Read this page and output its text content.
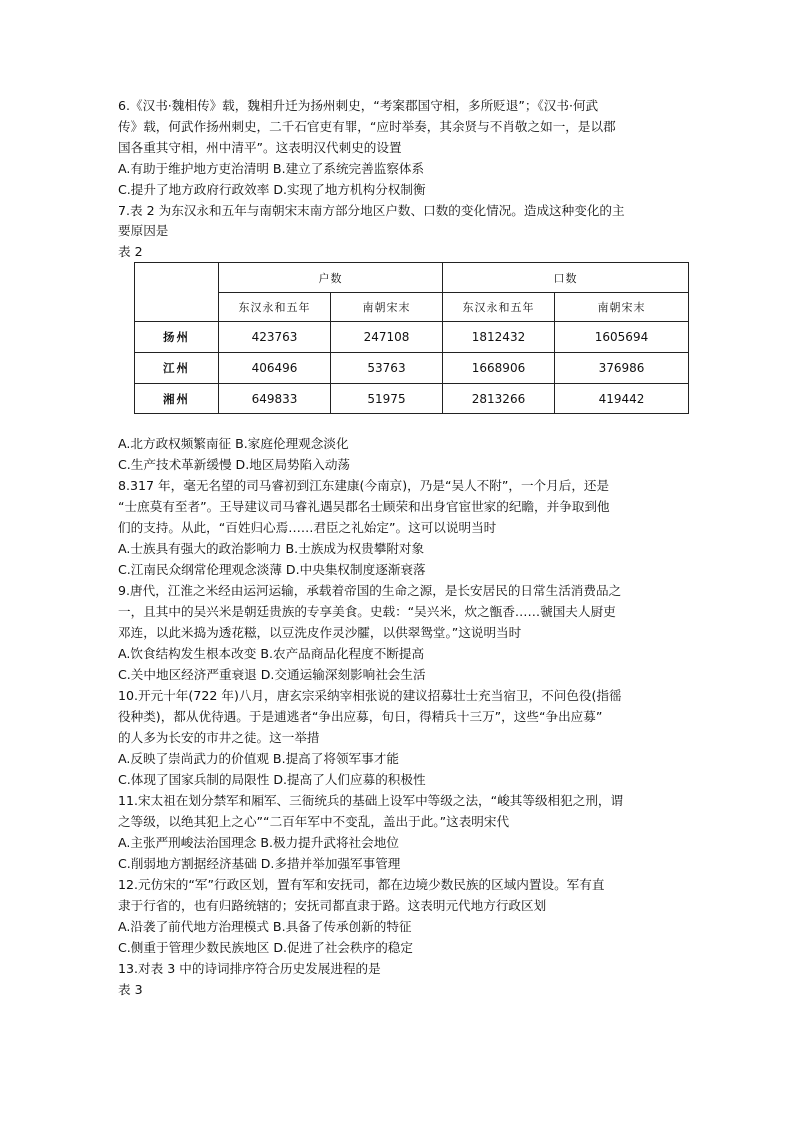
6.《汉书·魏相传》载，魏相升迁为扬州刺史，“考案郡国守相，多所贬退”；《汉书·何武
传》载，何武作扬州刺史，二千石官吏有罪，“应时举奏，其余贤与不肖敬之如一，是以郡
国各重其守相，州中清平”。这表明汉代刺史的设置
A.有助于维护地方吏治清明 B.建立了系统完善监察体系
C.提升了地方政府行政效率 D.实现了地方机构分权制衡
7.表 2 为东汉永和五年与南朝宋末南方部分地区户数、口数的变化情况。造成这种变化的主
要原因是
表 2
	户数		口数	
	东汉永和五年	南朝宋末	东汉永和五年	南朝宋末
扬州	423763	247108	1812432	1605694
江州	406496	53763	1668906	376986
湘州	649833	51975	2813266	419442
A.北方政权频繁南征 B.家庭伦理观念淡化
C.生产技术革新缓慢 D.地区局势陷入动荡
8.317 年，毫无名望的司马睿初到江东建康(今南京)，乃是“吴人不附”，一个月后，还是
“士庶莫有至者”。王导建议司马睿礼遇吴郡名士顾荣和出身官宦世家的纪瞻，并争取到他
们的支持。从此，“百姓归心焉……君臣之礼始定”。这可以说明当时
A.士族具有强大的政治影响力 B.士族成为权贵攀附对象
C.江南民众纲常伦理观念淡薄 D.中央集权制度逐渐衰落
9.唐代，江淮之米经由运河运输，承载着帝国的生命之源，是长安居民的日常生活消费品之
一，且其中的吴兴米是朝廷贵族的专享美食。史载：“吴兴米，炊之甑香……虢国夫人厨吏
邓连，以此米捣为透花糍，以豆洗皮作灵沙臛，以供翠鸳堂。”这说明当时
A.饮食结构发生根本改变 B.农产品商品化程度不断提高
C.关中地区经济严重衰退 D.交通运输深刻影响社会生活
10.开元十年(722 年)八月，唐玄宗采纳宰相张说的建议招募壮士充当宿卫，不问色役(指徭
役种类)，都从优待遇。于是逋逃者“争出应募，旬日，得精兵十三万”，这些“争出应募”
的人多为长安的市井之徒。这一举措
A.反映了崇尚武力的价值观 B.提高了将领军事才能
C.体现了国家兵制的局限性 D.提高了人们应募的积极性
11.宋太祖在划分禁军和厢军、三衙统兵的基础上设军中等级之法，“峻其等级相犯之刑，谓
之等级，以绝其犯上之心”“二百年军中不变乱，盖出于此。”这表明宋代
A.主张严刑峻法治国理念 B.极力提升武将社会地位
C.削弱地方割据经济基础 D.多措并举加强军事管理
12.元仿宋的“军”行政区划，置有军和安抚司，都在边境少数民族的区域内置设。军有直
隶于行省的，也有归路统辖的；安抚司都直隶于路。这表明元代地方行政区划
A.沿袭了前代地方治理模式 B.具备了传承创新的特征
C.侧重于管理少数民族地区 D.促进了社会秩序的稳定
13.对表 3 中的诗词排序符合历史发展进程的是
表 3
